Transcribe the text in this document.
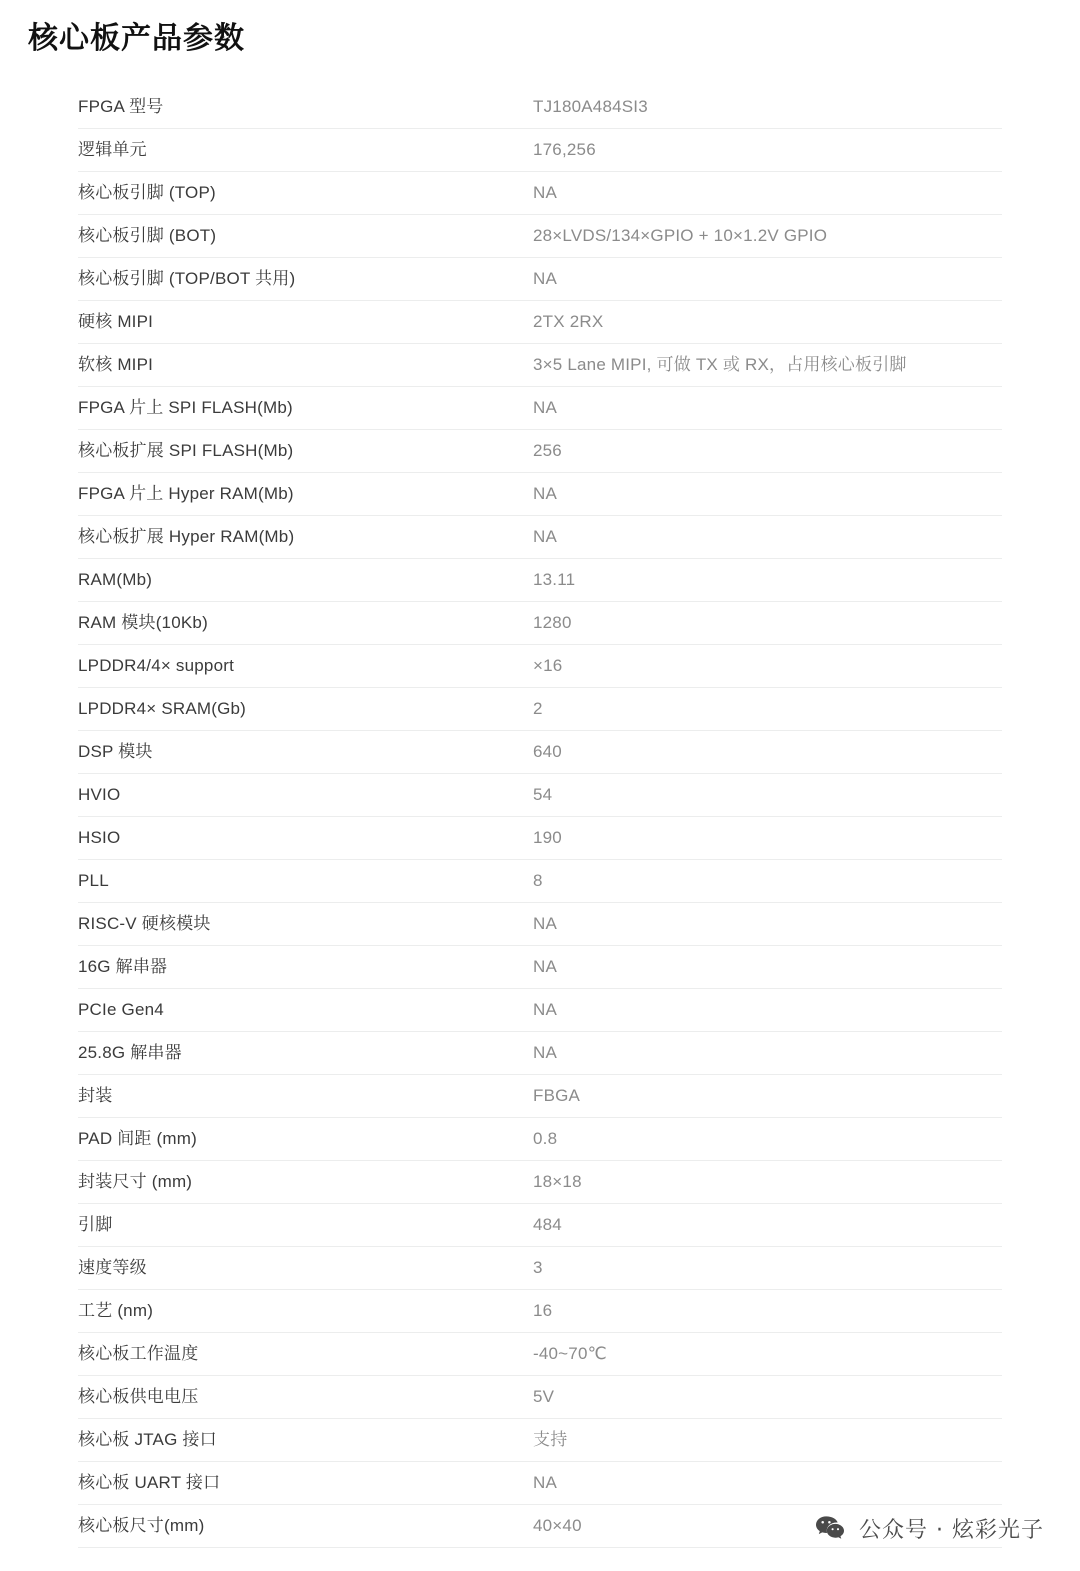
核心板产品参数
FPGA 型号	TJ180A484SI3
逻辑单元	176,256
核心板引脚 (TOP)	NA
核心板引脚 (BOT)	28×LVDS/134×GPIO + 10×1.2V GPIO
核心板引脚 (TOP/BOT 共用)	NA
硬核 MIPI	2TX 2RX
软核 MIPI	3×5 Lane MIPI, 可做 TX 或 RX，占用核心板引脚
FPGA 片上 SPI FLASH(Mb)	NA
核心板扩展 SPI FLASH(Mb)	256
FPGA 片上 Hyper RAM(Mb)	NA
核心板扩展 Hyper RAM(Mb)	NA
RAM(Mb)	13.11
RAM 模块(10Kb)	1280
LPDDR4/4× support	×16
LPDDR4× SRAM(Gb)	2
DSP 模块	640
HVIO	54
HSIO	190
PLL	8
RISC-V 硬核模块	NA
16G 解串器	NA
PCIe Gen4	NA
25.8G 解串器	NA
封装	FBGA
PAD 间距 (mm)	0.8
封装尺寸 (mm)	18×18
引脚	484
速度等级	3
工艺 (nm)	16
核心板工作温度	-40~70℃
核心板供电电压	5V
核心板 JTAG 接口	支持
核心板 UART 接口	NA
核心板尺寸(mm)	40×40	公众号 · 炫彩光子
